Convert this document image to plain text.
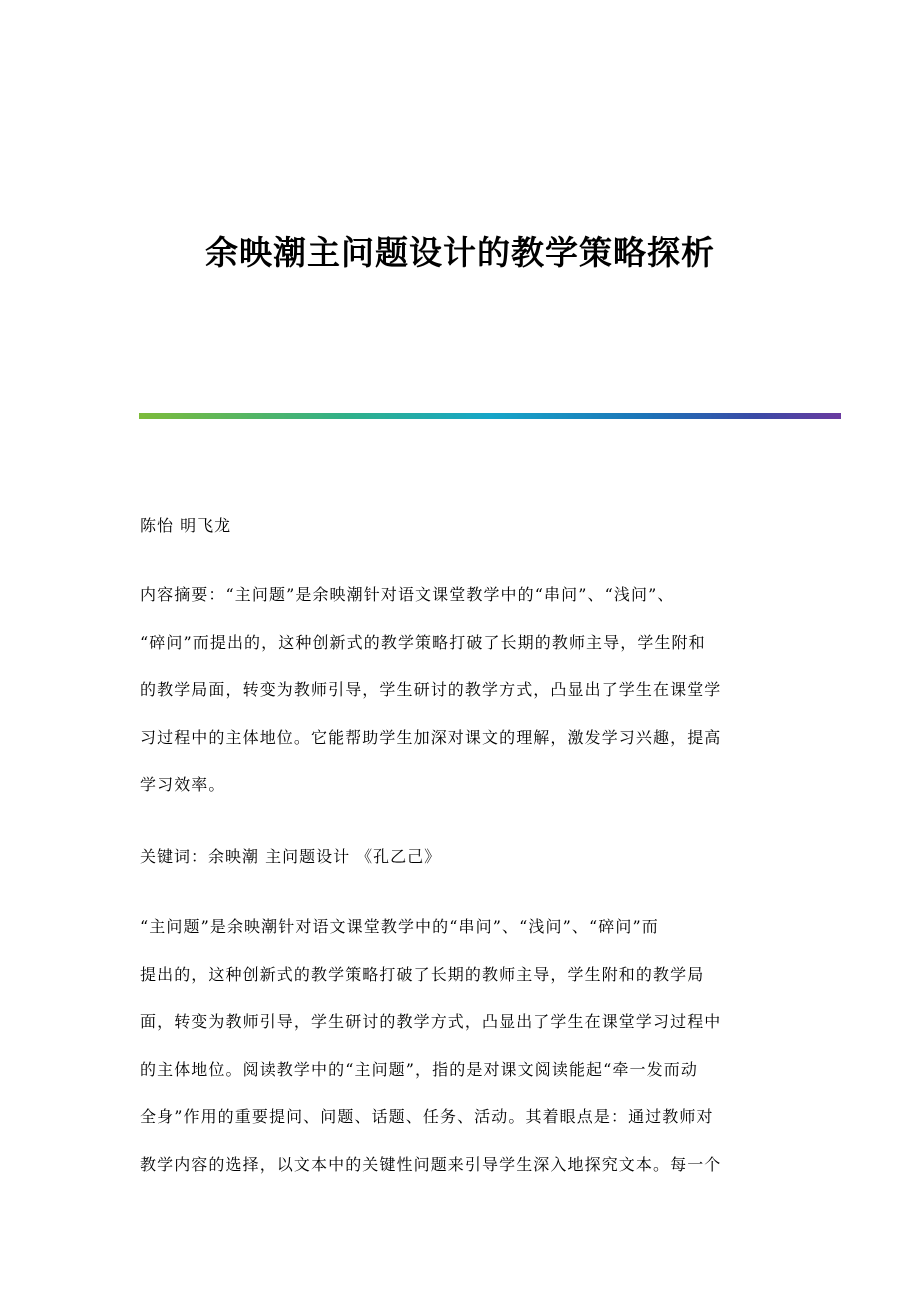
余映潮主问题设计的教学策略探析
陈怡 明飞龙
内容摘要：“主问题”是余映潮针对语文课堂教学中的“串问”、“浅问”、
“碎问”而提出的，这种创新式的教学策略打破了长期的教师主导，学生附和
的教学局面，转变为教师引导，学生研讨的教学方式，凸显出了学生在课堂学
习过程中的主体地位。它能帮助学生加深对课文的理解，激发学习兴趣，提高
学习效率。
关键词：余映潮 主问题设计 《孔乙己》
“主问题”是余映潮针对语文课堂教学中的“串问”、“浅问”、“碎问”而
提出的，这种创新式的教学策略打破了长期的教师主导，学生附和的教学局
面，转变为教师引导，学生研讨的教学方式，凸显出了学生在课堂学习过程中
的主体地位。阅读教学中的“主问题”，指的是对课文阅读能起“牵一发而动
全身”作用的重要提问、问题、话题、任务、活动。其着眼点是：通过教师对
教学内容的选择，以文本中的关键性问题来引导学生深入地探究文本。每一个
